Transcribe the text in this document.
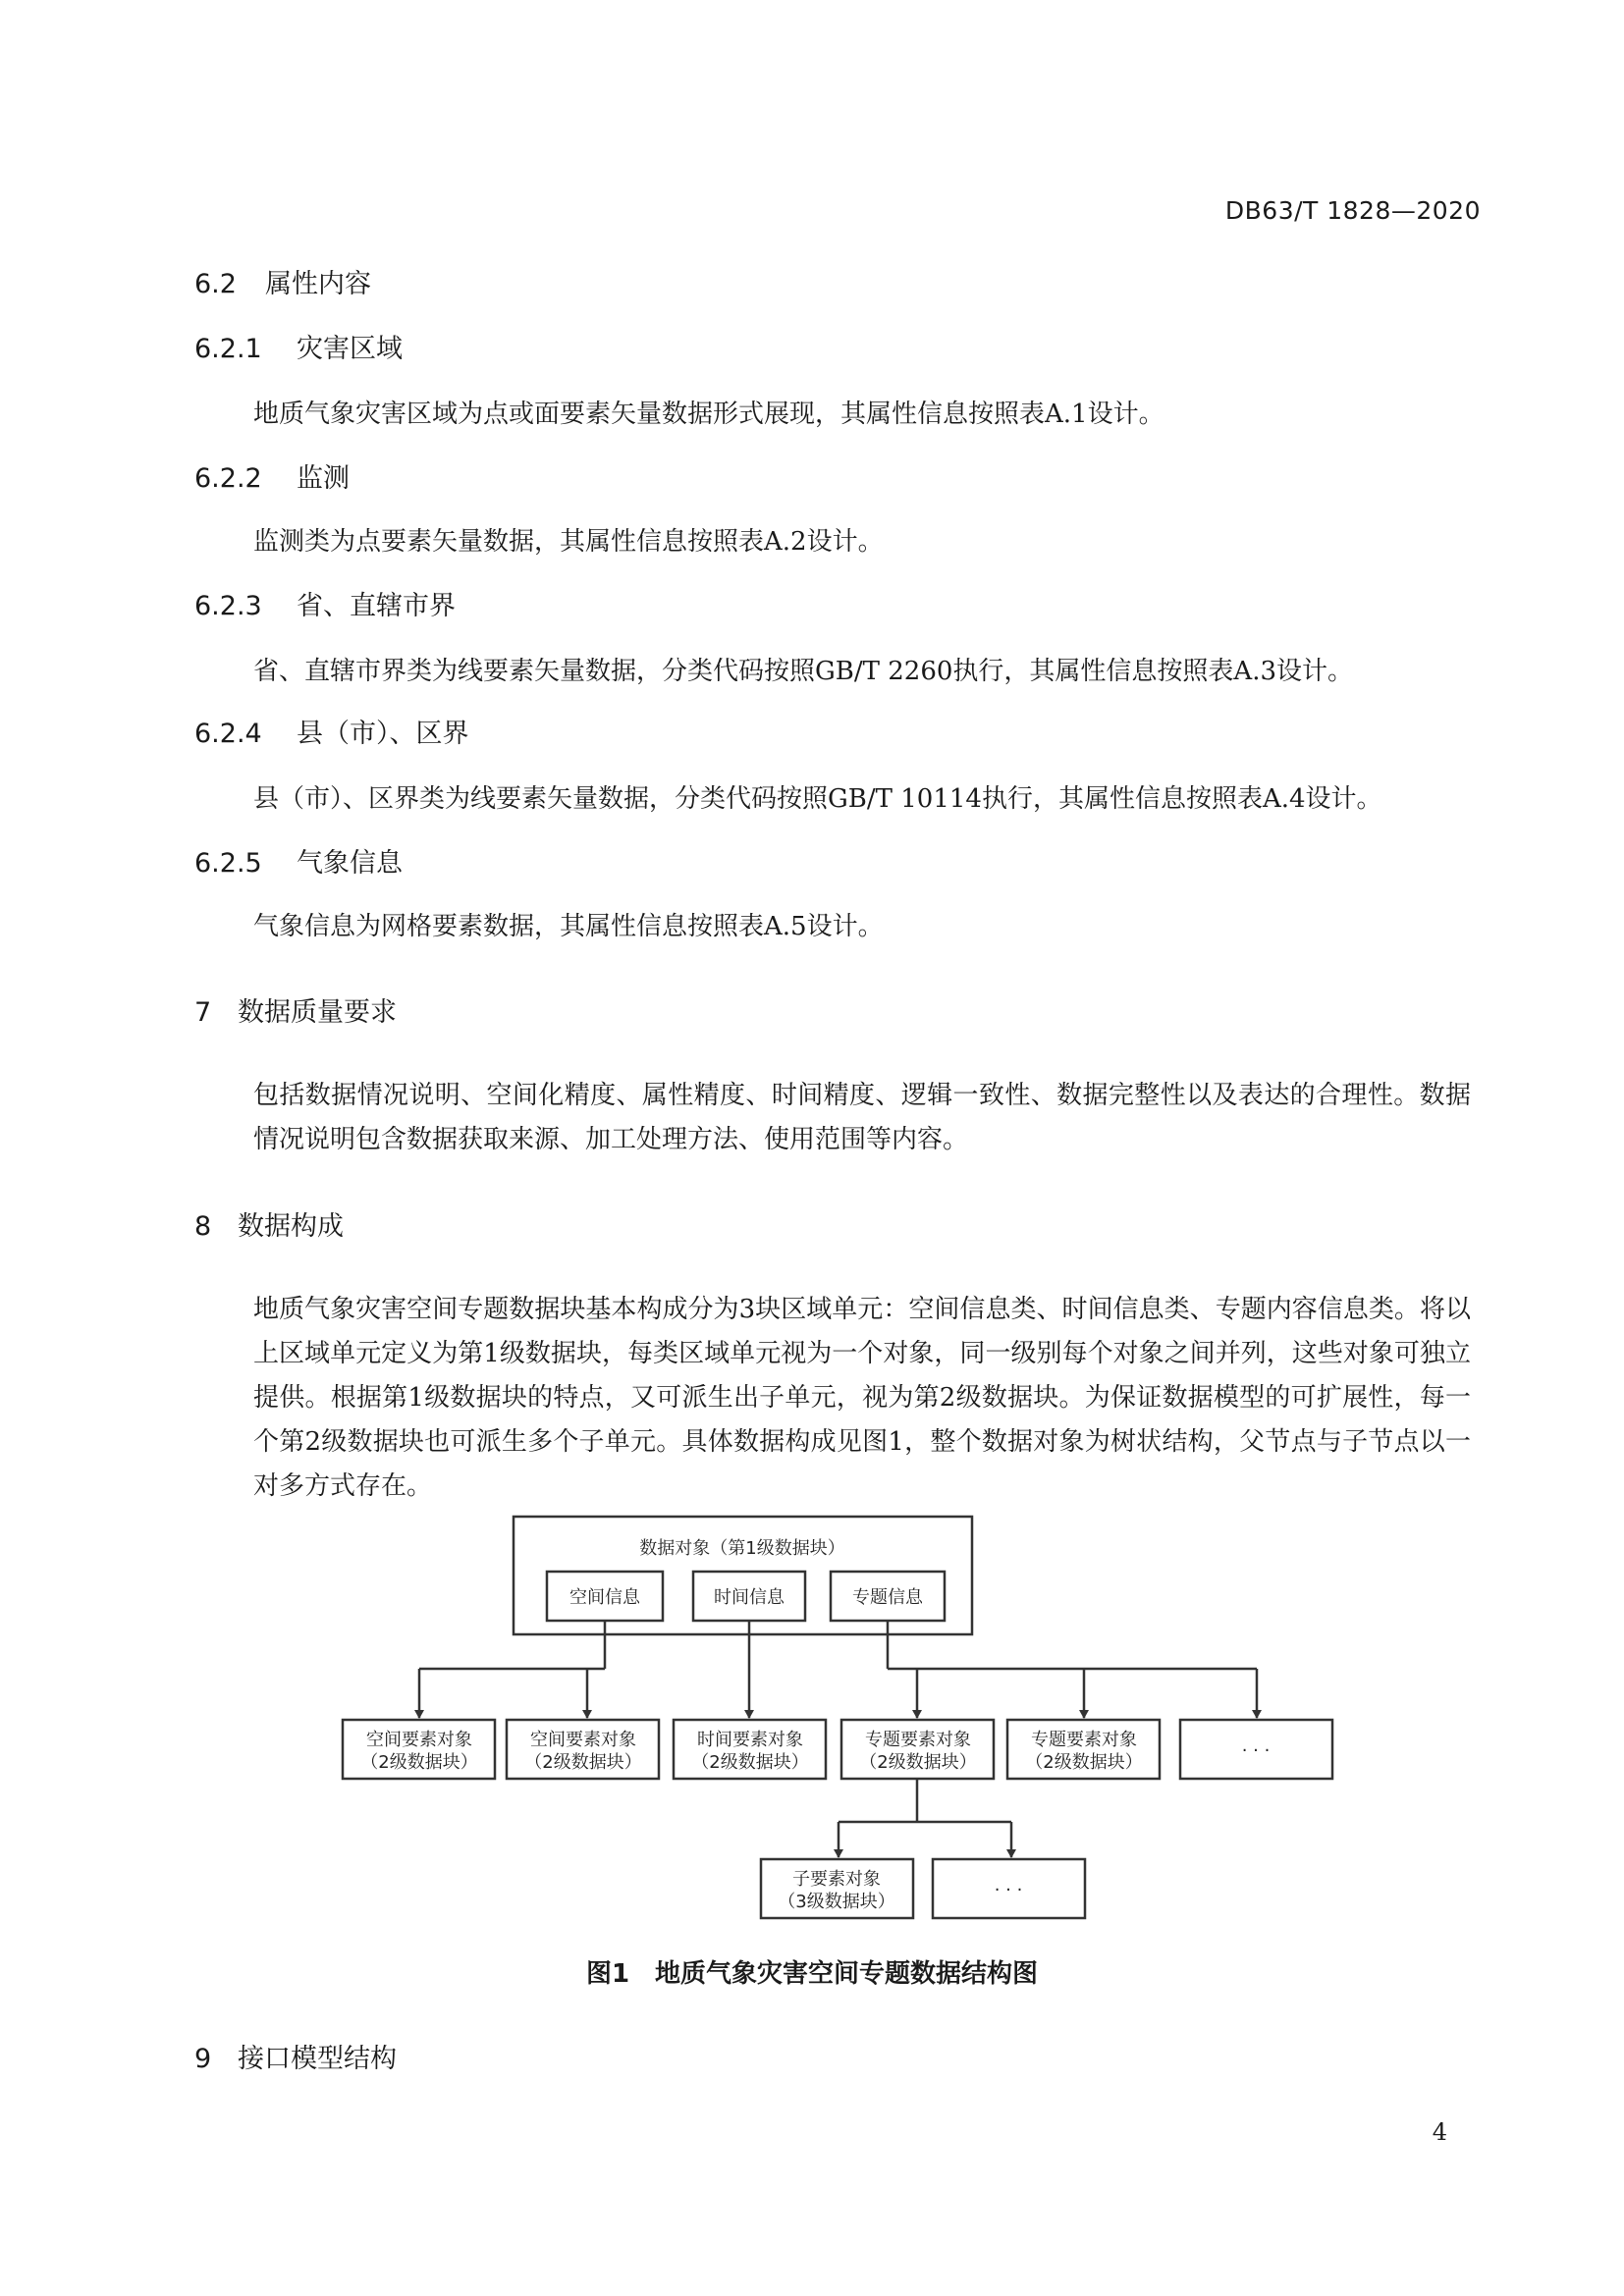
DB63/T 1828—2020
6.2 属性内容
6.2.1 灾害区域
地质气象灾害区域为点或面要素矢量数据形式展现，其属性信息按照表A.1设计。
6.2.2 监测
监测类为点要素矢量数据，其属性信息按照表A.2设计。
6.2.3 省、直辖市界
省、直辖市界类为线要素矢量数据，分类代码按照GB/T 2260执行，其属性信息按照表A.3设计。
6.2.4 县（市）、区界
县（市）、区界类为线要素矢量数据，分类代码按照GB/T 10114执行，其属性信息按照表A.4设计。
6.2.5 气象信息
气象信息为网格要素数据，其属性信息按照表A.5设计。
7 数据质量要求
包括数据情况说明、空间化精度、属性精度、时间精度、逻辑一致性、数据完整性以及表达的合理性。数据情况说明包含数据获取来源、加工处理方法、使用范围等内容。
8 数据构成
地质气象灾害空间专题数据块基本构成分为3块区域单元：空间信息类、时间信息类、专题内容信息类。将以上区域单元定义为第1级数据块，每类区域单元视为一个对象，同一级别每个对象之间并列，这些对象可独立提供。根据第1级数据块的特点，又可派生出子单元，视为第2级数据块。为保证数据模型的可扩展性，每一个第2级数据块也可派生多个子单元。具体数据构成见图1，整个数据对象为树状结构，父节点与子节点以一对多方式存在。
数据对象（第1级数据块）
空间信息	时间信息	专题信息
空间要素对象
（2级数据块）
空间要素对象
（2级数据块）
时间要素对象
（2级数据块）
专题要素对象
（2级数据块）
专题要素对象
（2级数据块）
· · ·
子要素对象
（3级数据块）
· · ·
图1　地质气象灾害空间专题数据结构图
9 接口模型结构
4
